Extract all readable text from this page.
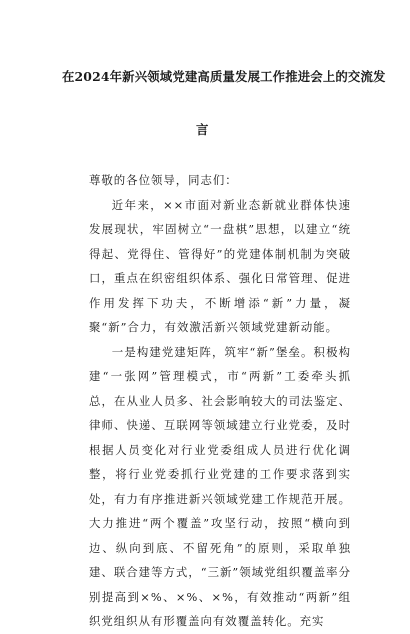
在2024年新兴领域党建高质量发展工作推进会上的交流发
言

尊敬的各位领导，同志们：

近年来，××市面对新业态新就业群体快速发展现状，牢固树立“一盘棋”思想，以建立“统得起、党得住、管得好”的党建体制机制为突破口，重点在织密组织体系、强化日常管理、促进作用发挥下功夫，不断增添“新”力量，凝聚“新”合力，有效激活新兴领域党建新动能。

一是构建党建矩阵，筑牢“新”堡垒。积极构建“一张网”管理模式，市“两新”工委牵头抓总，在从业人员多、社会影响较大的司法鉴定、律师、快递、互联网等领域建立行业党委，及时根据人员变化对行业党委组成人员进行优化调整，将行业党委抓行业党建的工作要求落到实处，有力有序推进新兴领域党建工作规范开展。大力推进“两个覆盖”攻坚行动，按照“横向到边、纵向到底、不留死角”的原则，采取单独建、联合建等方式，“三新”领域党组织覆盖率分别提高到×%、×%、×%，有效推动“两新”组织党组织从有形覆盖向有效覆盖转化。充实
